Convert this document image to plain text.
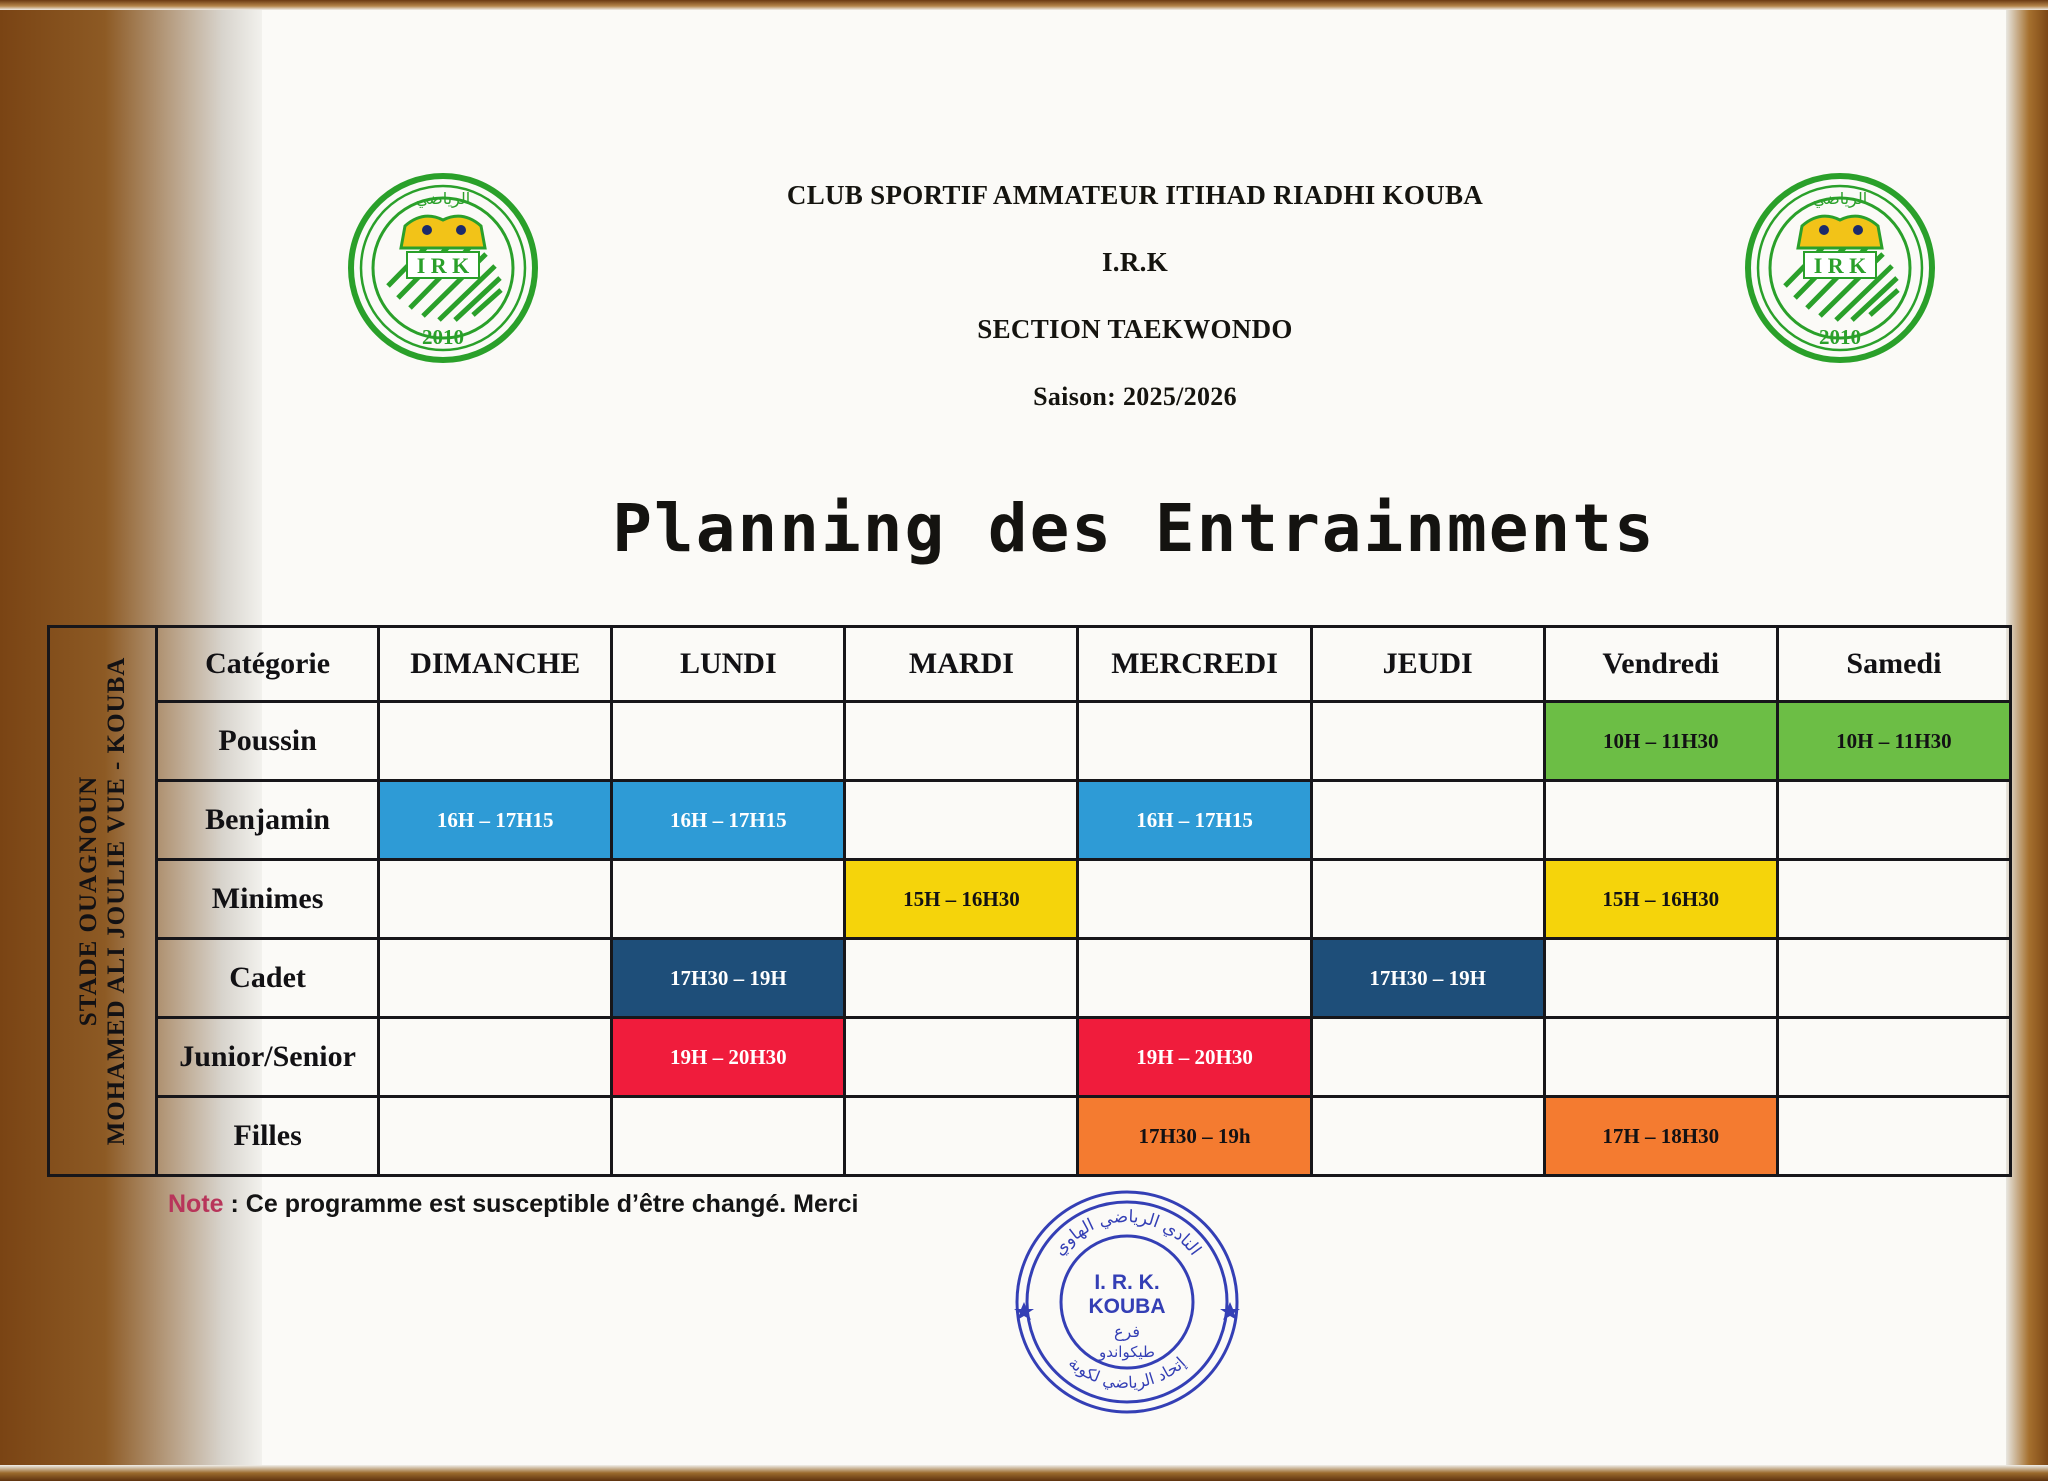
I R K
2010
الرياضي
I R K
2010
الرياضي
CLUB SPORTIF AMMATEUR ITIHAD RIADHI KOUBA
I.R.K
SECTION TAEKWONDO
Saison: 2025/2026
Planning des Entrainments
STADE OUAGNOUN MOHAMED ALI JOULIE VUE - KOUBA	Catégorie	DIMANCHE	LUNDI	MARDI	MERCREDI	JEUDI	Vendredi	Samedi
	Poussin						10H – 11H30	10H – 11H30
	Benjamin	16H – 17H15	16H – 17H15		16H – 17H15			
	Minimes			15H – 16H30			15H – 16H30	
	Cadet		17H30 – 19H			17H30 – 19H		
	Junior/Senior		19H – 20H30		19H – 20H30			
	Filles				17H30 – 19h		17H – 18H30	
Note : Ce programme est susceptible d’être changé. Merci
النادي الرياضي الهاوي
إتحاد الرياضي لكوبة
I. R. K.
KOUBA
فرع
طيكواندو
